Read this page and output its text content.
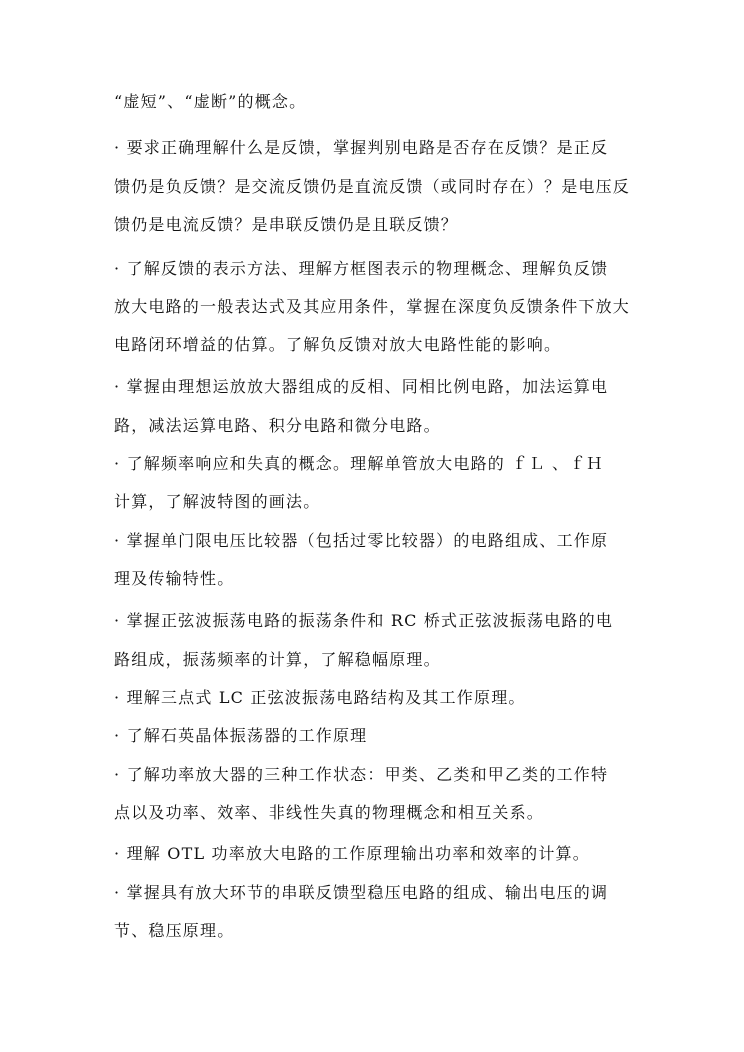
“虚短”、“虚断”的概念。
· 要求正确理解什么是反馈，掌握判别电路是否存在反馈？是正反
馈仍是负反馈？是交流反馈仍是直流反馈（或同时存在）？是电压反
馈仍是电流反馈？是串联反馈仍是且联反馈？
· 了解反馈的表示方法、理解方框图表示的物理概念、理解负反馈
放大电路的一般表达式及其应用条件，掌握在深度负反馈条件下放大
电路闭环增益的估算。了解负反馈对放大电路性能的影响。
· 掌握由理想运放放大器组成的反相、同相比例电路，加法运算电
路，减法运算电路、积分电路和微分电路。
· 了解频率响应和失真的概念。理解单管放大电路的 ｆＬ 、ｆＨ
计算，了解波特图的画法。
· 掌握单门限电压比较器（包括过零比较器）的电路组成、工作原
理及传输特性。
· 掌握正弦波振荡电路的振荡条件和 RC 桥式正弦波振荡电路的电
路组成，振荡频率的计算，了解稳幅原理。
· 理解三点式 LC 正弦波振荡电路结构及其工作原理。
· 了解石英晶体振荡器的工作原理
· 了解功率放大器的三种工作状态：甲类、乙类和甲乙类的工作特
点以及功率、效率、非线性失真的物理概念和相互关系。
· 理解 OTL 功率放大电路的工作原理输出功率和效率的计算。
· 掌握具有放大环节的串联反馈型稳压电路的组成、输出电压的调
节、稳压原理。
